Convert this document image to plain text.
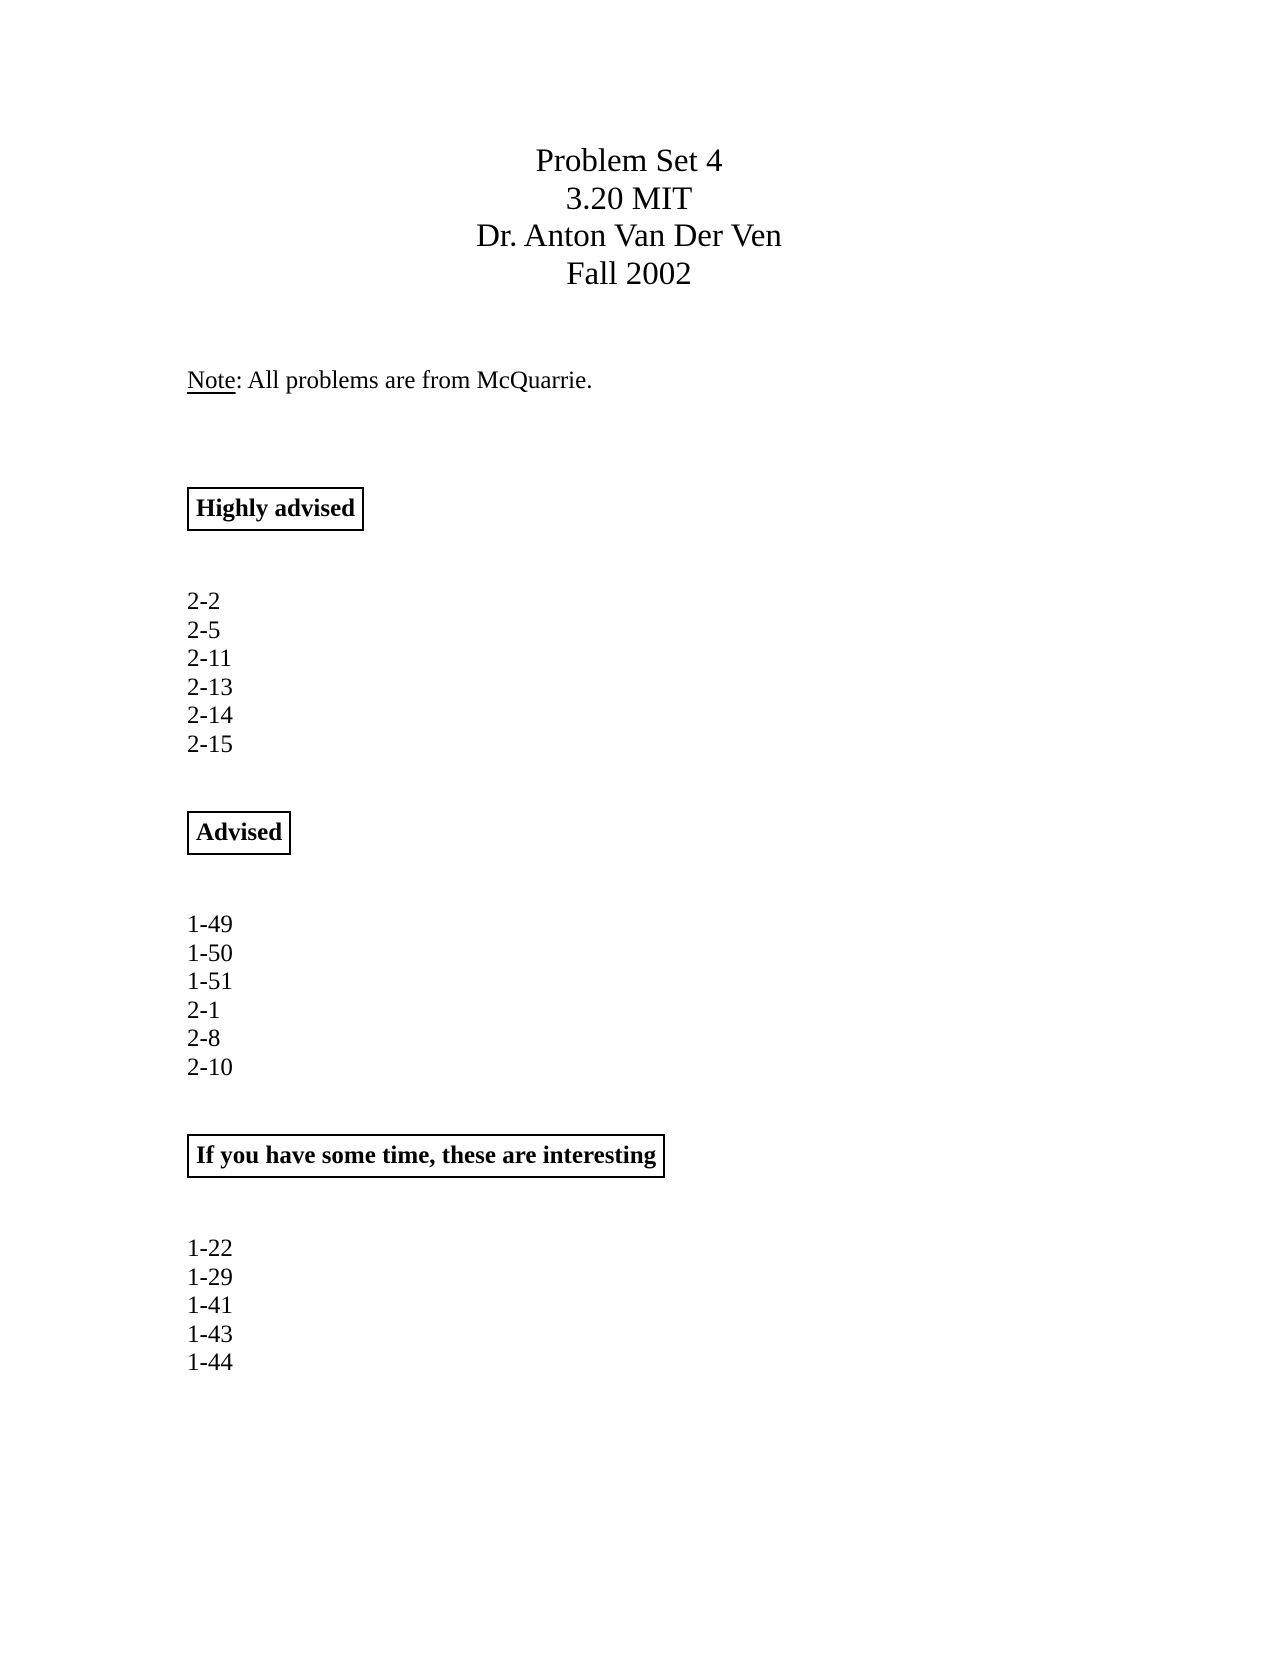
Problem Set 4
3.20 MIT
Dr. Anton Van Der Ven
Fall 2002
Note: All problems are from McQuarrie.
Highly advised
2-2
2-5
2-11
2-13
2-14
2-15
Advised
1-49
1-50
1-51
2-1
2-8
2-10
If you have some time, these are interesting
1-22
1-29
1-41
1-43
1-44
